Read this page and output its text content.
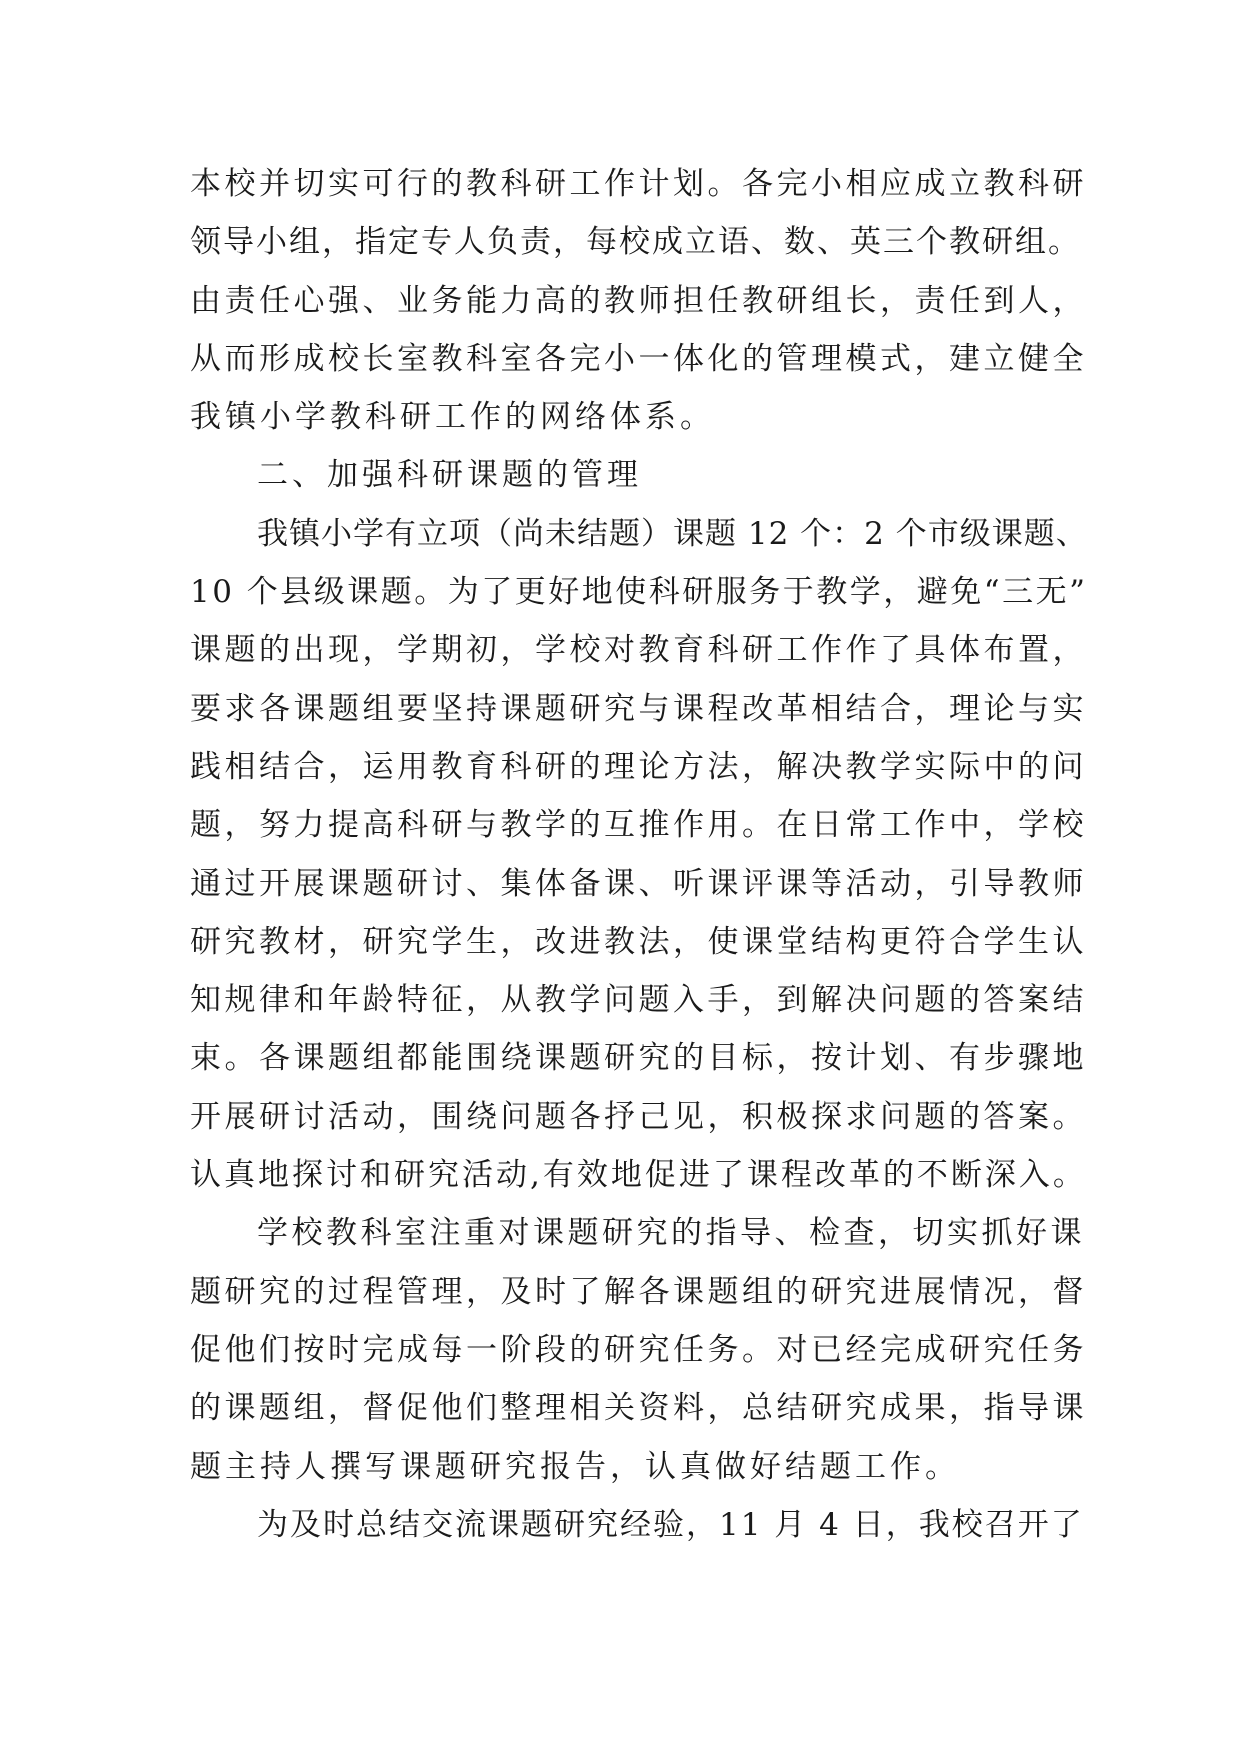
本校并切实可行的教科研工作计划。各完小相应成立教科研
领导小组，指定专人负责，每校成立语、数、英三个教研组。
由责任心强、业务能力高的教师担任教研组长，责任到人，
从而形成校长室教科室各完小一体化的管理模式，建立健全
我镇小学教科研工作的网络体系。
二、加强科研课题的管理
我镇小学有立项（尚未结题）课题 12 个：2 个市级课题、
10 个县级课题。为了更好地使科研服务于教学，避免“三无”
课题的出现，学期初，学校对教育科研工作作了具体布置，
要求各课题组要坚持课题研究与课程改革相结合，理论与实
践相结合，运用教育科研的理论方法，解决教学实际中的问
题，努力提高科研与教学的互推作用。在日常工作中，学校
通过开展课题研讨、集体备课、听课评课等活动，引导教师
研究教材，研究学生，改进教法，使课堂结构更符合学生认
知规律和年龄特征，从教学问题入手，到解决问题的答案结
束。各课题组都能围绕课题研究的目标，按计划、有步骤地
开展研讨活动，围绕问题各抒己见，积极探求问题的答案。
认真地探讨和研究活动,有效地促进了课程改革的不断深入。
学校教科室注重对课题研究的指导、检查，切实抓好课
题研究的过程管理，及时了解各课题组的研究进展情况，督
促他们按时完成每一阶段的研究任务。对已经完成研究任务
的课题组，督促他们整理相关资料，总结研究成果，指导课
题主持人撰写课题研究报告，认真做好结题工作。
为及时总结交流课题研究经验，11 月 4 日，我校召开了
